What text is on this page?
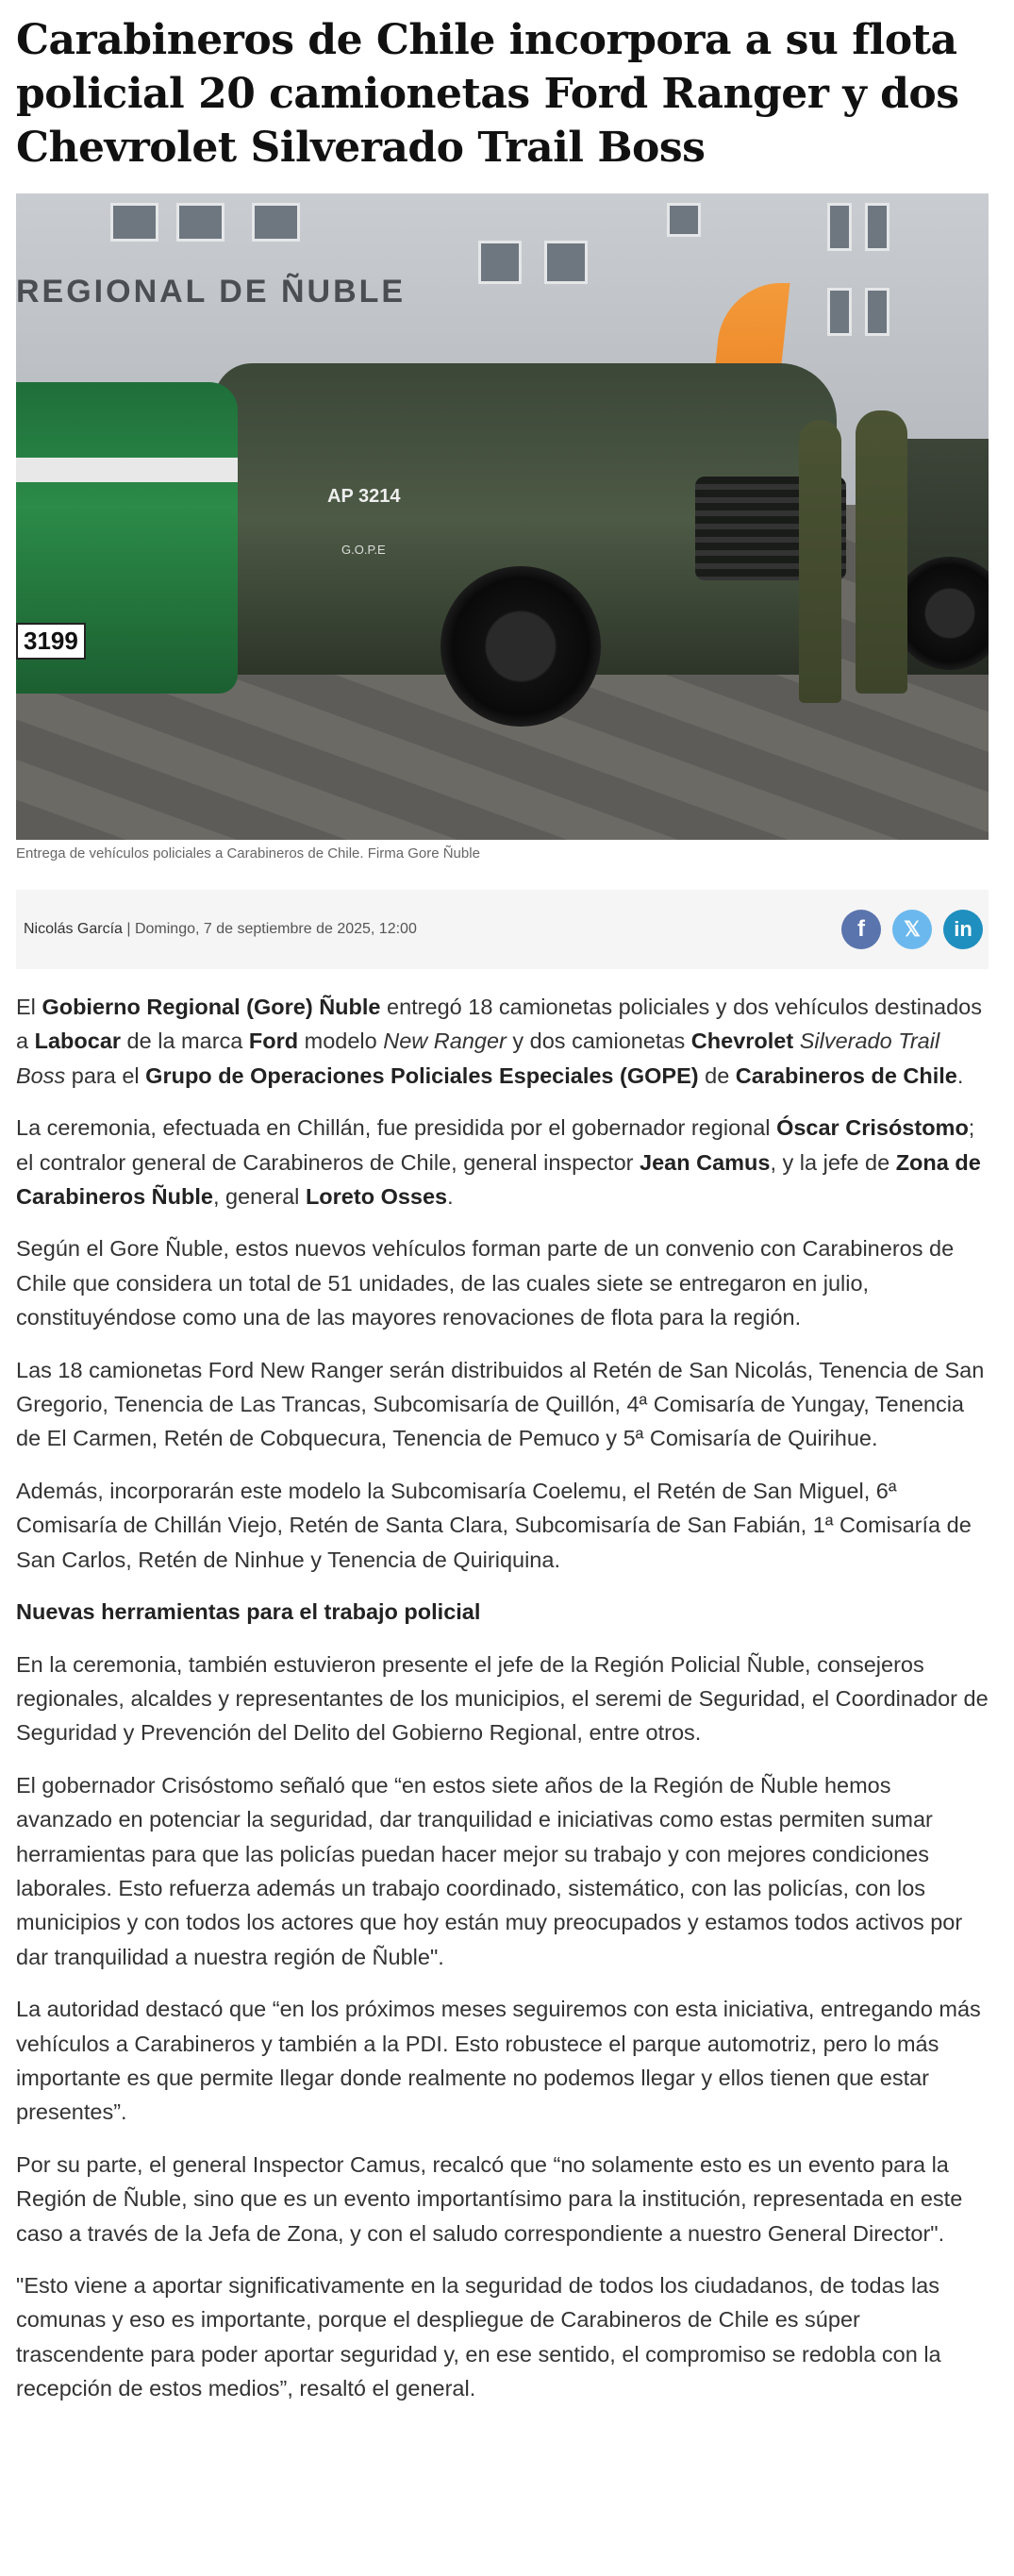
Carabineros de Chile incorpora a su flota policial 20 camionetas Ford Ranger y dos Chevrolet Silverado Trail Boss
REGIONAL DE ÑUBLE
AP 3214
G.O.P.E
3199
Entrega de vehículos policiales a Carabineros de Chile. Firma Gore Ñuble
Nicolás García | Domingo, 7 de septiembre de 2025, 12:00	f 𝕏 in

El Gobierno Regional (Gore) Ñuble entregó 18 camionetas policiales y dos vehículos destinados a Labocar de la marca Ford modelo New Ranger y dos camionetas Chevrolet Silverado Trail Boss para el Grupo de Operaciones Policiales Especiales (GOPE) de Carabineros de Chile.

La ceremonia, efectuada en Chillán, fue presidida por el gobernador regional Óscar Crisóstomo; el contralor general de Carabineros de Chile, general inspector Jean Camus, y la jefe de Zona de Carabineros Ñuble, general Loreto Osses.

Según el Gore Ñuble, estos nuevos vehículos forman parte de un convenio con Carabineros de Chile que considera un total de 51 unidades, de las cuales siete se entregaron en julio, constituyéndose como una de las mayores renovaciones de flota para la región.

Las 18 camionetas Ford New Ranger serán distribuidos al Retén de San Nicolás, Tenencia de San Gregorio, Tenencia de Las Trancas, Subcomisaría de Quillón, 4ª Comisaría de Yungay, Tenencia de El Carmen, Retén de Cobquecura, Tenencia de Pemuco y 5ª Comisaría de Quirihue.

Además, incorporarán este modelo la Subcomisaría Coelemu, el Retén de San Miguel, 6ª Comisaría de Chillán Viejo, Retén de Santa Clara, Subcomisaría de San Fabián, 1ª Comisaría de San Carlos, Retén de Ninhue y Tenencia de Quiriquina.

Nuevas herramientas para el trabajo policial

En la ceremonia, también estuvieron presente el jefe de la Región Policial Ñuble, consejeros regionales, alcaldes y representantes de los municipios, el seremi de Seguridad, el Coordinador de Seguridad y Prevención del Delito del Gobierno Regional, entre otros.

El gobernador Crisóstomo señaló que “en estos siete años de la Región de Ñuble hemos avanzado en potenciar la seguridad, dar tranquilidad e iniciativas como estas permiten sumar herramientas para que las policías puedan hacer mejor su trabajo y con mejores condiciones laborales. Esto refuerza además un trabajo coordinado, sistemático, con las policías, con los municipios y con todos los actores que hoy están muy preocupados y estamos todos activos por dar tranquilidad a nuestra región de Ñuble".

La autoridad destacó que “en los próximos meses seguiremos con esta iniciativa, entregando más vehículos a Carabineros y también a la PDI. Esto robustece el parque automotriz, pero lo más importante es que permite llegar donde realmente no podemos llegar y ellos tienen que estar presentes”.

Por su parte, el general Inspector Camus, recalcó que “no solamente esto es un evento para la Región de Ñuble, sino que es un evento importantísimo para la institución, representada en este caso a través de la Jefa de Zona, y con el saludo correspondiente a nuestro General Director".

"Esto viene a aportar significativamente en la seguridad de todos los ciudadanos, de todas las comunas y eso es importante, porque el despliegue de Carabineros de Chile es súper trascendente para poder aportar seguridad y, en ese sentido, el compromiso se redobla con la recepción de estos medios”, resaltó el general.
